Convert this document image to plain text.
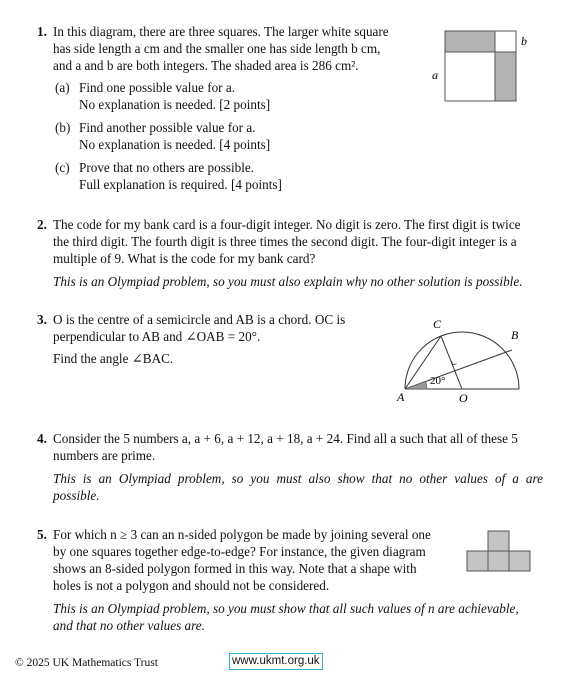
1. In this diagram, there are three squares. The larger white square
has side length a cm and the smaller one has side length b cm,
and a and b are both integers. The shaded area is 286 cm².
(a) Find one possible value for a.
No explanation is needed. [2 points]
(b) Find another possible value for a.
No explanation is needed. [4 points]
(c) Prove that no others are possible.
Full explanation is required. [4 points]
a
b
2. The code for my bank card is a four-digit integer. No digit is zero. The first digit is twice
the third digit. The fourth digit is three times the second digit. The four-digit integer is a
multiple of 9. What is the code for my bank card?
This is an Olympiad problem, so you must also explain why no other solution is possible.
3. O is the centre of a semicircle and AB is a chord. OC is
perpendicular to AB and ∠OAB = 20°.
Find the angle ∠BAC.
20°
A	O
C
B
4. Consider the 5 numbers a, a + 6, a + 12, a + 18, a + 24. Find all a such that all of these 5
numbers are prime.
This is an Olympiad problem, so you must also show that no other values of a are
possible.
5. For which n ≥ 3 can an n-sided polygon be made by joining several one
by one squares together edge-to-edge? For instance, the given diagram
shows an 8-sided polygon formed in this way. Note that a shape with
holes is not a polygon and should not be considered.
This is an Olympiad problem, so you must show that all such values of n are achievable,
and that no other values are.
© 2025 UK Mathematics Trust	www.ukmt.org.uk
